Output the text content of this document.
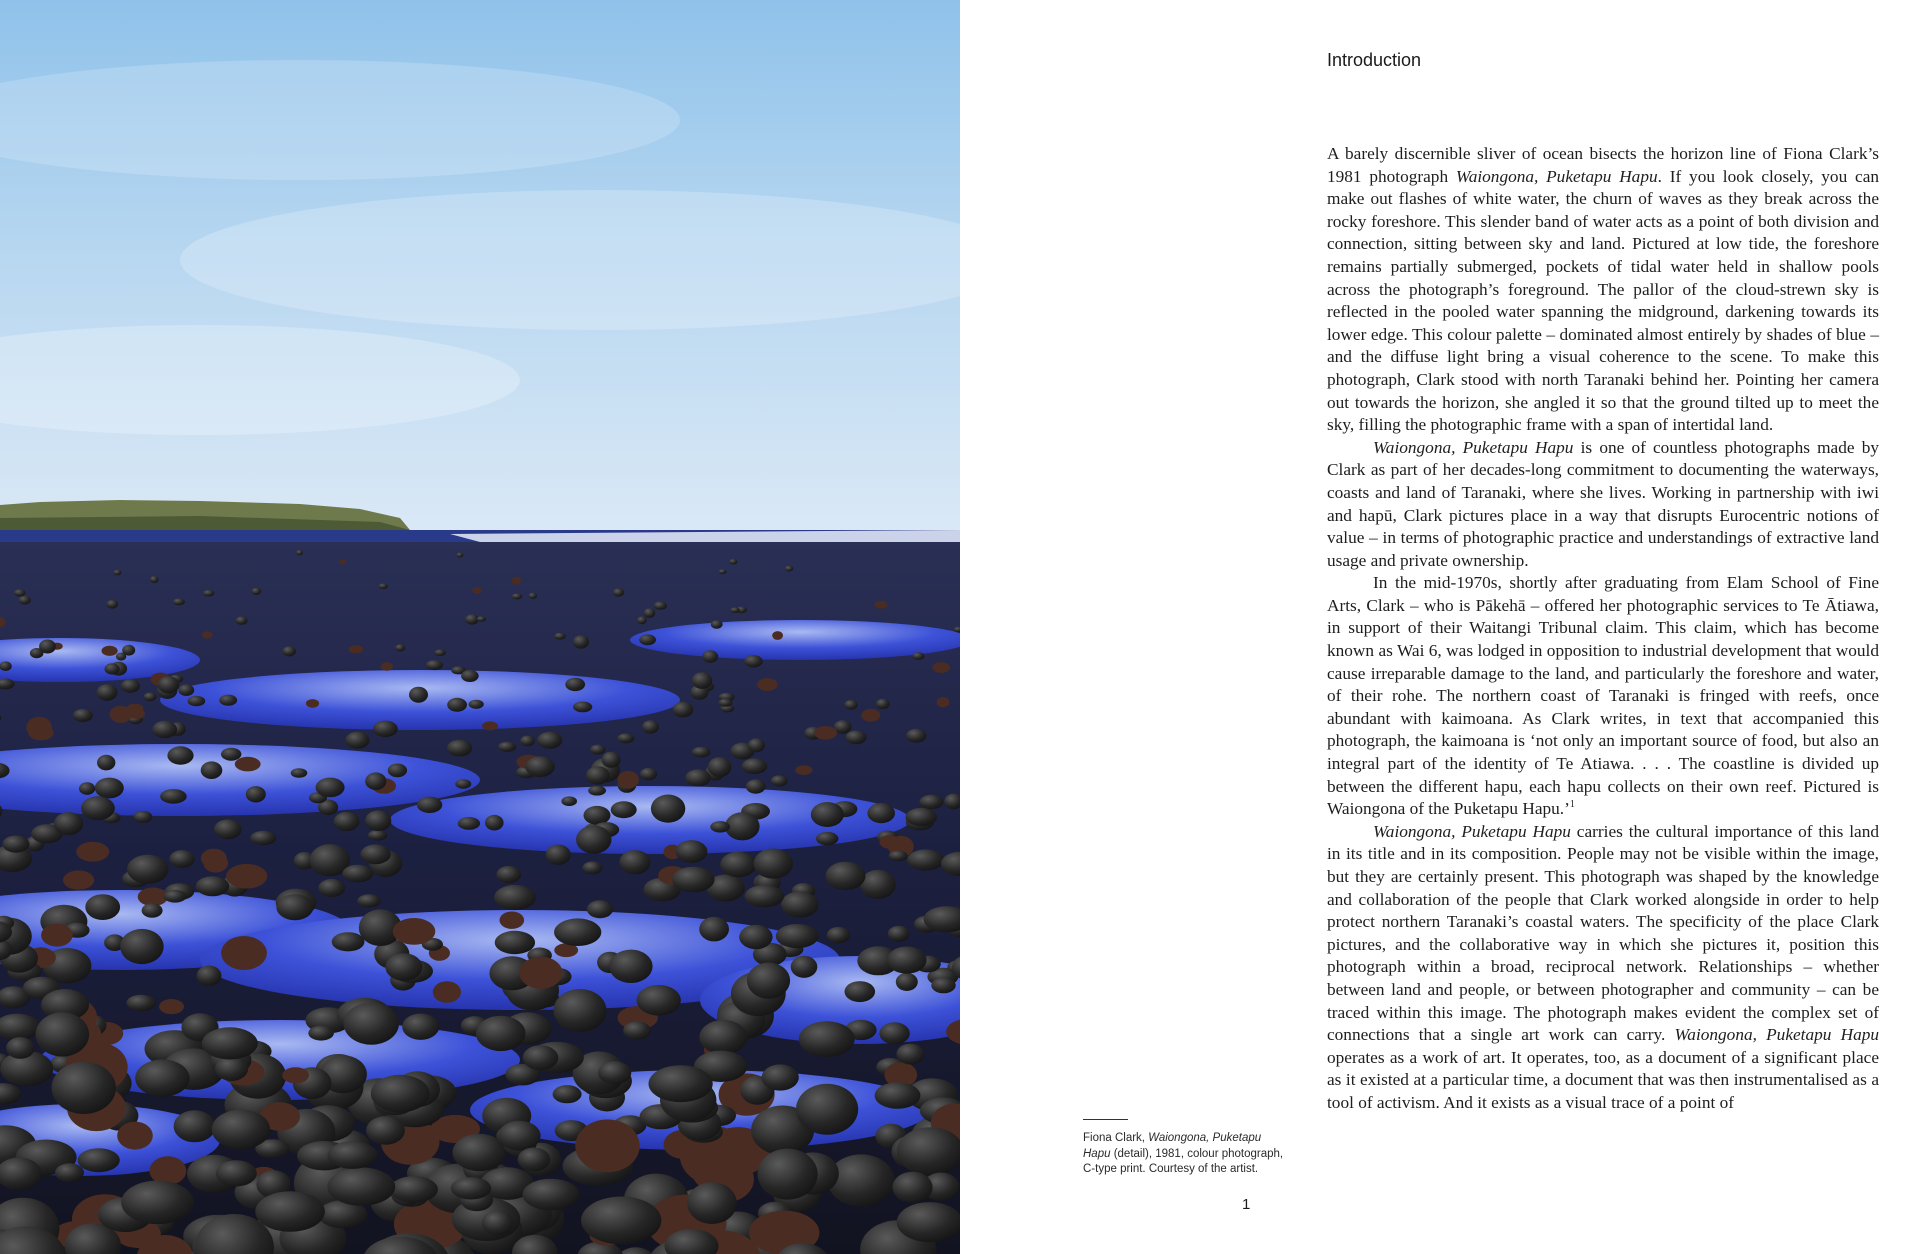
Introduction

A barely discernible sliver of ocean bisects the horizon line of Fiona Clark’s 1981 photograph Waiongona, Puketapu Hapu. If you look closely, you can make out flashes of white water, the churn of waves as they break across the rocky foreshore. This slender band of water acts as a point of both division and connection, sitting between sky and land. Pictured at low tide, the foreshore remains partially submerged, pockets of tidal water held in shallow pools across the photograph’s foreground. The pallor of the cloud-strewn sky is reflected in the pooled water spanning the midground, darkening towards its lower edge. This colour palette – dominated almost entirely by shades of blue – and the diffuse light bring a visual coherence to the scene. To make this photograph, Clark stood with north Taranaki behind her. Pointing her camera out towards the horizon, she angled it so that the ground tilted up to meet the sky, filling the photographic frame with a span of intertidal land.

Waiongona, Puketapu Hapu is one of countless photographs made by Clark as part of her decades-long commitment to documenting the waterways, coasts and land of Taranaki, where she lives. Working in partnership with iwi and hapū, Clark pictures place in a way that disrupts Eurocentric notions of value – in terms of photographic practice and understandings of extractive land usage and private ownership.

In the mid-1970s, shortly after graduating from Elam School of Fine Arts, Clark – who is Pākehā – offered her photographic services to Te Ātiawa, in support of their Waitangi Tribunal claim. This claim, which has become known as Wai 6, was lodged in opposition to industrial development that would cause irreparable damage to the land, and particularly the foreshore and water, of their rohe. The northern coast of Taranaki is fringed with reefs, once abundant with kaimoana. As Clark writes, in text that accompanied this photograph, the kaimoana is ‘not only an important source of food, but also an integral part of the identity of Te Atiawa. . . . The coastline is divided up between the different hapu, each hapu collects on their own reef. Pictured is Waiongona of the Puketapu Hapu.’$^1$

Waiongona, Puketapu Hapu carries the cultural importance of this land in its title and in its composition. People may not be visible within the image, but they are certainly present. This photograph was shaped by the knowledge and collaboration of the people that Clark worked alongside in order to help protect northern Taranaki’s coastal waters. The specificity of the place Clark pictures, and the collaborative way in which she pictures it, position this photograph within a broad, reciprocal network. Relationships – whether between land and people, or between photographer and community – can be traced within this image. The photograph makes evident the complex set of connections that a single art work can carry. Waiongona, Puketapu Hapu operates as a work of art. It operates, too, as a document of a significant place as it existed at a particular time, a document that was then instrumentalised as a tool of activism. And it exists as a visual trace of a point of

Fiona Clark, Waiongona, Puketapu Hapu (detail), 1981, colour photograph, C-type print. Courtesy of the artist.
1
